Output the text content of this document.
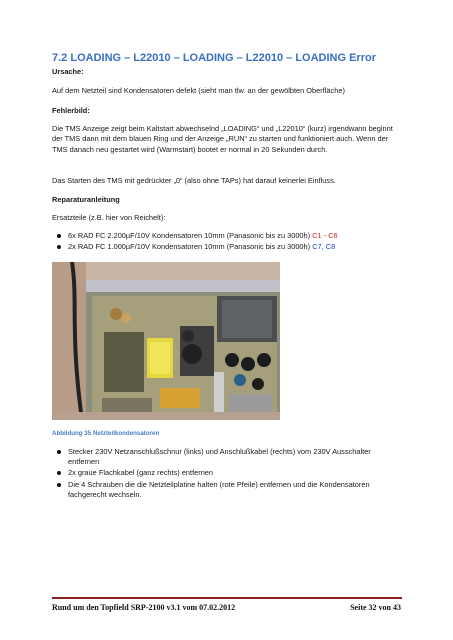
7.2 LOADING – L22010 – LOADING – L22010 – LOADING Error
Ursache:
Auf dem Netzteil sind Kondensatoren defekt (sieht man tlw. an der gewölbten Oberfläche)
Fehlerbild:
Die TMS Anzeige zeigt beim Kaltstart abwechselnd „LOADING“ und „L22010“ (kurz) irgendwann beginnt der TMS dann mit dem blauen Ring und der Anzeige „RUN“ zu starten und funktioniert auch. Wenn der TMS danach neu gestartet wird (Warmstart) bootet er normal in 20 Sekunden durch.
Das Starten des TMS mit gedrückter „0“ (also ohne TAPs) hat darauf keinerlei Einfluss.
Reparaturanleitung
Ersatzteile (z.B. hier von Reichelt):
6x RAD FC 2.200µF/10V Kondensatoren 10mm (Panasonic bis zu 3000h) C1 - C6
2x RAD FC 1.000µF/10V Kondensatoren 10mm (Panasonic bis zu 3000h) C7, C8
Abbildung 35 Netzteilkondensatoren
Stecker 230V Netzanschlußschnur (links) und Anschlußkabel (rechts) vom 230V Ausschalter entfernen
2x graue Flachkabel (ganz rechts) entfernen
Die 4 Schrauben die die Netzteilplatine halten (rote Pfeile) entfernen und die Kondensatoren fachgerecht wechseln.
Rund um den Topfield SRP-2100 v3.1 vom 07.02.2012	Seite 32 von 43
